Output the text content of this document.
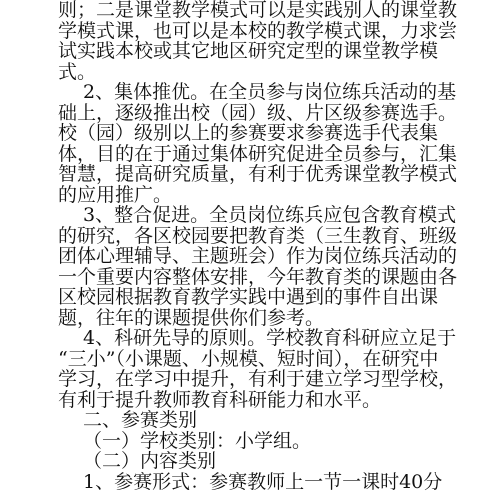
则；二是课堂教学模式可以是实践别人的课堂教
学模式课，也可以是本校的教学模式课，力求尝
试实践本校或其它地区研究定型的课堂教学模
式。
2、集体推优。在全员参与岗位练兵活动的基
础上，逐级推出校（园）级、片区级参赛选手。
校（园）级别以上的参赛要求参赛选手代表集
体，目的在于通过集体研究促进全员参与，汇集
智慧，提高研究质量，有利于优秀课堂教学模式
的应用推广。
3、整合促进。全员岗位练兵应包含教育模式
的研究，各区校园要把教育类（三生教育、班级
团体心理辅导、主题班会）作为岗位练兵活动的
一个重要内容整体安排，今年教育类的课题由各
区校园根据教育教学实践中遇到的事件自出课
题，往年的课题提供你们参考。
4、科研先导的原则。学校教育科研应立足于
“三小”（小课题、小规模、短时间），在研究中
学习，在学习中提升，有利于建立学习型学校，
有利于提升教师教育科研能力和水平。
二、参赛类别
（一）学校类别：小学组。
（二）内容类别
1、参赛形式：参赛教师上一节一课时40分
